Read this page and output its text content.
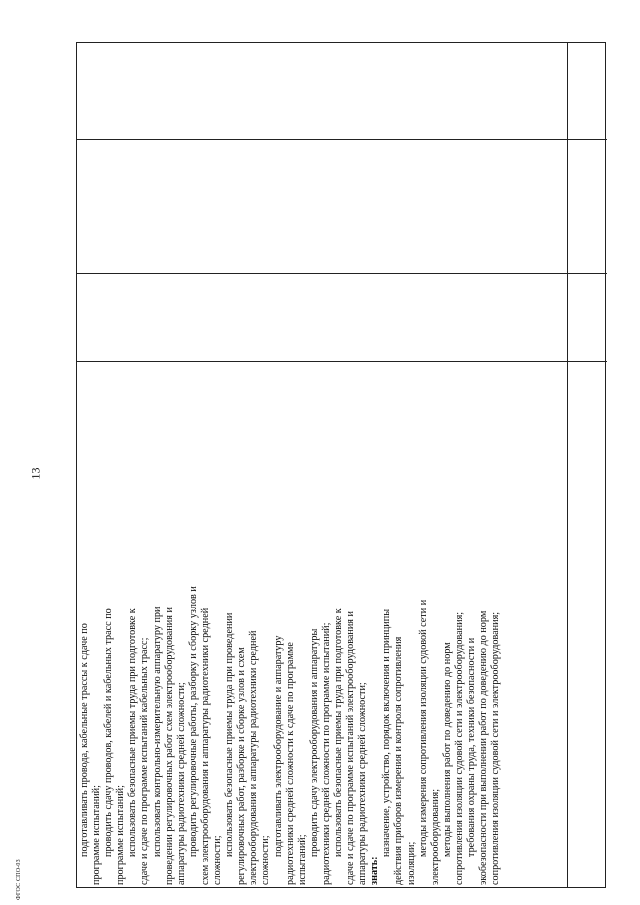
13
ФГОС СПО-03
подготавливать провода, кабельные трассы к сдаче по программе испытаний; проводить сдачу проводов, кабелей и кабельных трасс по программе испытаний; использовать безопасные приемы труда при подготовке к сдаче и сдаче по программе испытаний кабельных трасс; использовать контрольно-измерительную аппаратуру при проведении регулировочных работ схем электрооборудования и аппаратуры радиотехники средней сложности; проводить регулировочные работы, разборку и сборку узлов и схем электрооборудования и аппаратуры радиотехники средней сложности;
использовать безопасные приемы труда при проведении регулировочных работ, разборке и сборке узлов и схем электрооборудования и аппаратуры радиотехники средней сложности;
подготавливать электрооборудование и аппаратуру радиотехники средней сложности к сдаче по программе испытаний;
проводить сдачу электрооборудования и аппаратуры радиотехники средней сложности по программе испытаний; использовать безопасные приемы труда при подготовке к сдаче и сдаче по программе испытаний электрооборудования и аппаратуры радиотехники средней сложности; знать:
назначение, устройство, порядок включения и принципы действия приборов измерения и контроля сопротивления изоляции;
методы измерения сопротивления изоляции судовой сети и электрооборудования; методы выполнения работ по доведению до норм сопротивления изоляции судовой сети и электрооборудования; требования охраны труда, техники безопасности и экобезопасности при выполнении работ по доведению до норм сопротивления изоляции судовой сети и электрооборудования;
